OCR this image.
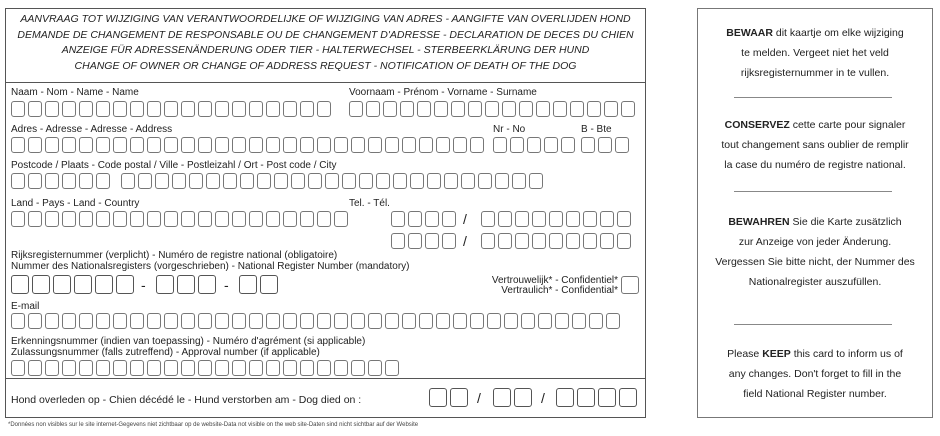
AANVRAAG TOT WIJZIGING VAN VERANTWOORDELIJKE OF WIJZIGING VAN ADRES - AANGIFTE VAN OVERLIJDEN HOND
DEMANDE DE CHANGEMENT DE RESPONSABLE OU DE CHANGEMENT D'ADRESSE - DECLARATION DE DECES DU CHIEN
ANZEIGE FÜR ADRESSENÄNDERUNG ODER TIER - HALTERWECHSEL - STERBEERKLÄRUNG DER HUND
CHANGE OF OWNER OR CHANGE OF ADDRESS REQUEST - NOTIFICATION OF DEATH OF THE DOG
Naam - Nom - Name - Name	Voornaam - Prénom - Vorname - Surname
Adres - Adresse - Adresse - Address	Nr - No	B - Bte
Postcode / Plaats - Code postal / Ville - Postleizahl / Ort - Post code / City
Land - Pays - Land - Country	Tel. - Tél.
/
/
Rijksregisternummer (verplicht) - Numéro de registre national (obligatoire)
Nummer des Nationalsregisters (vorgeschrieben) - National Register Number (mandatory)
-	-	Vertrouwelijk* - Confidentiel*
Vertraulich* - Confidential*
E-mail
Erkenningsnummer (indien van toepassing) - Numéro d'agrément (si applicable)
Zulassungsnummer (falls zutreffend) - Approval number (if applicable)
Hond overleden op - Chien décédé le - Hund verstorben am - Dog died on :	/	/
*Données non visibles sur le site internet-Gegevens niet zichtbaar op de website-Data not visible on the web site-Daten sind nicht sichtbar auf der Website
BEWAAR dit kaartje om elke wijziging
te melden. Vergeet niet het veld
rijksregisternummer in te vullen.
CONSERVEZ cette carte pour signaler
tout changement sans oublier de remplir
la case du numéro de registre national.
BEWAHREN Sie die Karte zusätzlich
zur Anzeige von jeder Änderung.
Vergessen Sie bitte nicht, der Nummer des
Nationalregister auszufüllen.
Please KEEP this card to inform us of
any changes. Don't forget to fill in the
field National Register number.
